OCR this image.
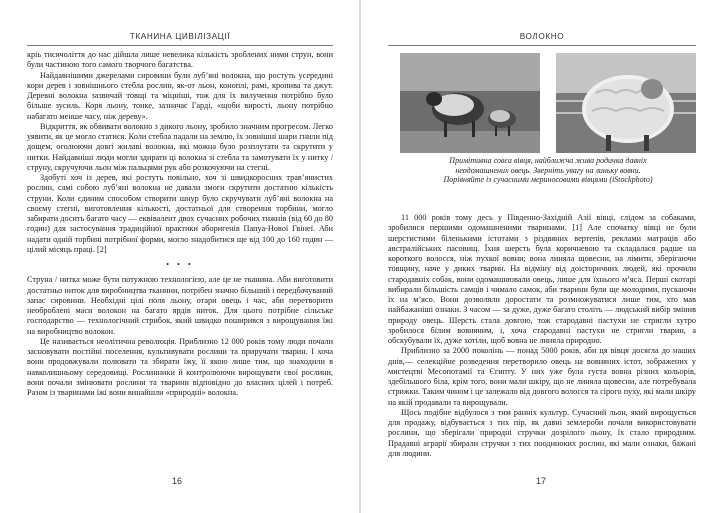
ТКАНИНА ЦИВІЛІЗАЦІЇ

кріь тисячоліття до нас дійшла лише невелика кількість зроблених ними струн, вони були частиною того самого творчого багатства.

Найдавнішими джерелами сировини були лубʼяні волокна, що ростуть усередині кори дерев і зовнішнього стебла рослин, як-от льон, коноплі, рамі, кропива та джут. Деревні волокна зазвичай товщі та міцніші, тож для їх вилучення потрібно було більше зусиль. Коря льону, тонке, зазначає Гарді, «щоби виростi, льону потрібно набагато менше часу, ніж дереву».

Відкриття, як обвивати волокно з дикого льону, зробило значним прогресом. Легко уявити, як це могло статися. Коли стебла падали на землю, їх зовнішні шари гнили під дощем, оголюючи довгі жилаві волокна, які можна було розплутати та скрутити у нитки. Найдавніші люди могли здирати ці волокна зі стебла та замотувати їх у нитку / струну, скручуючи льон між пальцями рук або розкочуючи на стегні.

Здобуті хоч із дерев, які ростуть повільно, хоч зі швидкоросних травʼянистих рослин, самі собою лубʼяні волокна не давали змоги скрутити достатню кількість струни. Коли єдиним способом створити шнур було скручувати лубʼяні волокна на своєму стегні, виготовлення кількості, достатньої для створення торбини, могло забирати досить багато часу — еквівалент двох сучасних робочих тижнів (від 60 до 80 годин) для застосування традиційної практики аборигенів Папуа-Нової Гвінеї. Аби надати одній торбині потрібної форми, могло знадобитися ще від 100 до 160 годин — цілий місяць праці. [2]

• • •

Струна / нитка може бути потужною технологією, але це не тканина. Аби виготовити достатньо ниток для виробництва тканини, потрібен значно більший і передбачуваний запас сировини. Необхідні цілі поля льону, отари овець і час, аби перетворити необроблені маси волокон на багато ярдів ниток. Для цього потрібне сільське господарство — технологічний стрибок, який швидко поширився з вирощування їжі на виробництво волокон.

Це називається неолітична революція. Приблизно 12 000 років тому люди почали засновувати постійні поселення, культивувати рослини та приручати тварин. І хоча вони продовжували полювати та збирати їжу, її якою лише тим, що знаходили в навколишньому середовищі. Рослинники й контролюючи вирощувати свої рослини, вони почали змінювати рослини та тварини відповідно до власних цілей і потреб. Разом із тваринами їжі вони винайшли «природні» волокна.

16
ВОЛОКНО
Примітивна совєа вівця, найближча жива родичка давніх
неодомашнених овець. Зверніть увагу на линьку вовни.
Порівняйте із сучасними мериносовими вівцями (iStockphoto)

11 000 років тому десь у Південно-Західній Азії вівці, слідом за собаками, зробилися першими одомашненими тваринами. [1] Але спочатку вівці не були шерстистими біленькими істотами з різдвяних вертепів, реклами матраців або австралійських пасовищ. Їхня шерсть була коричневою та складалася радше на короткого волосся, ніж пухкої вовни; вона линяла щовесни, на лімити, зберігаючи товщину, наче у диких тварин. На відміну від доісторичних людей, які прочили стародавніх собак, вони одомашнювали овець, лише для їхнього мʼяса. Першi скотарі вибирали більшість самців і чимало самок, аби тварини були ще молодими, пускаючи їх на мʼясо. Вони дозволяли доростати та розмножуватися лише тим, хто мав найбажаніші ознаки. З часом — за дуже, дуже багато століть — людський вибір змінив природу овець. Шерсть стала довгою, тож стародавні пастухи не стригли хутро зробилося білим вовняним, і, хоча стародавні пастухи не стригли тварин, а обскубували їх, дуже хотіли, щоб вовна не линяла природно.

Приблизно за 2000 поколінь — понад 5000 років, аби ця вівця досягла до наших днів,— селекційне розведення перетворило овець на вовняних істот, зображених у мистецтві Месопотамії та Єгипту. У них уже була густа вовна різних кольорів, здебільшого біла, крім того, вони мали шкіру, що не линяла щовесни, але потребувала стрижки. Таким чином і це залежало від довгого волосся та сірого пуху, які мали шкіру на якій продавали та вирощували.

Щось подібне відбулося з тим ранніх культур. Сучасний льон, який вирощується для продажу, відбувається з тих пір, як давні землероби почали використовувати рослини, що зберігали природні стручки дозрілого льону, їх стало природним. Прадавні аграрії збирали стручки з тих поодиноких рослин, які мали ознаки, бажані для людини.

17
